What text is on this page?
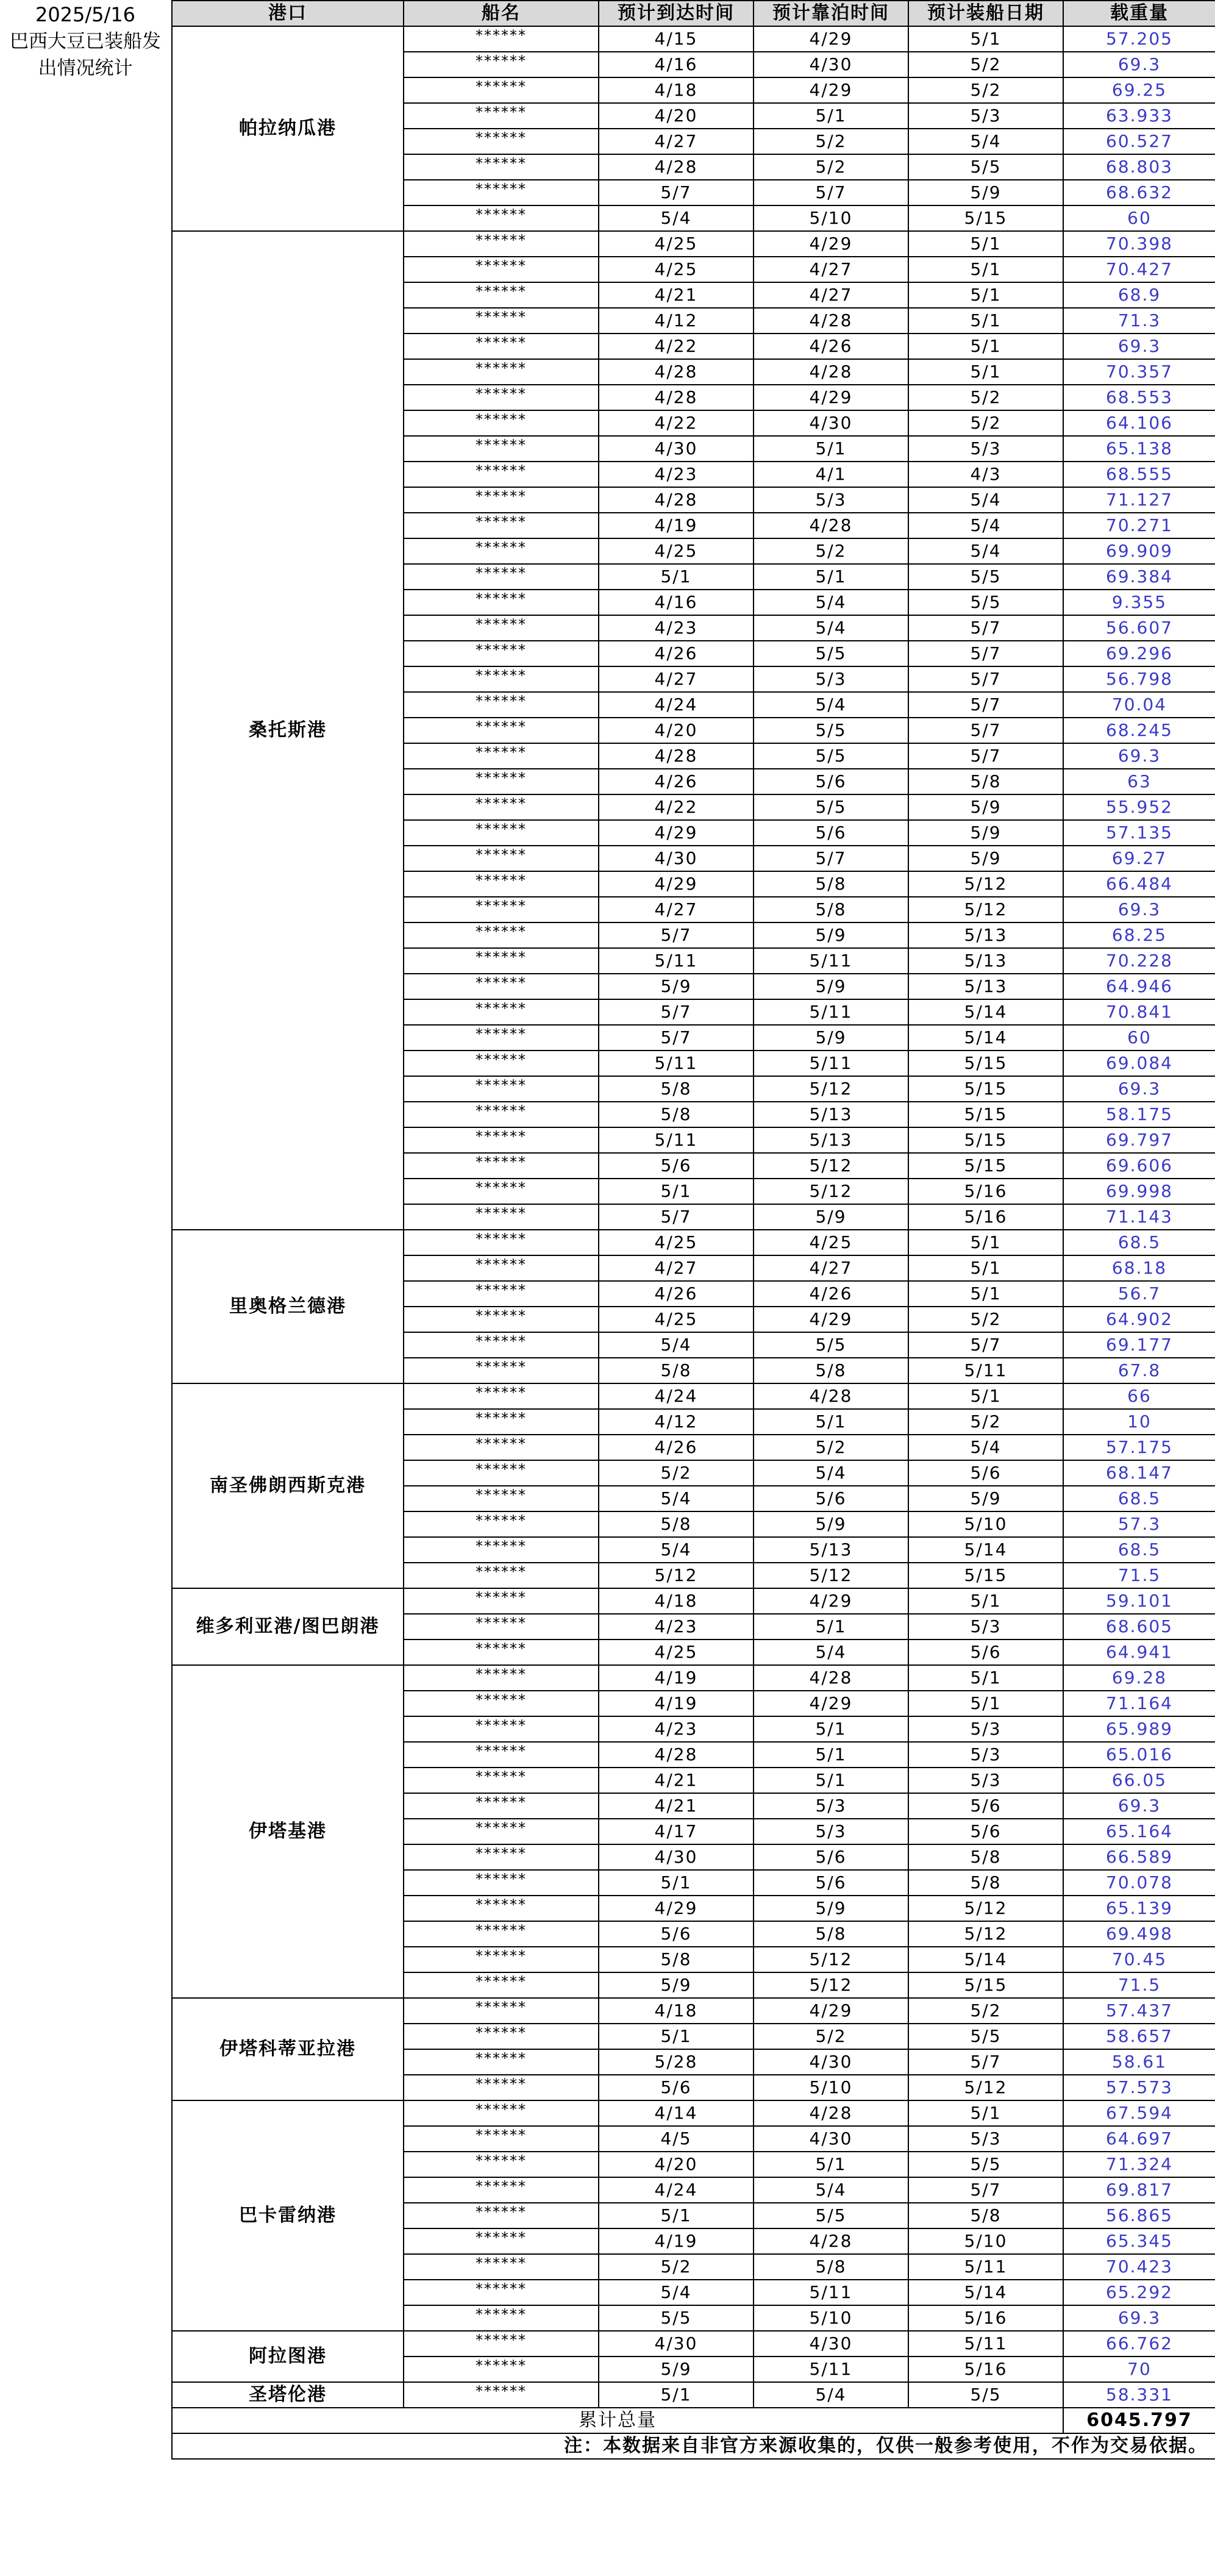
2025/5/16
巴西大豆已装船发
出情况统计
港口	船名	预计到达时间	预计靠泊时间	预计装船日期	载重量
帕拉纳瓜港	******	4/15	4/29	5/1	57.205
	******	4/16	4/30	5/2	69.3
	******	4/18	4/29	5/2	69.25
	******	4/20	5/1	5/3	63.933
	******	4/27	5/2	5/4	60.527
	******	4/28	5/2	5/5	68.803
	******	5/7	5/7	5/9	68.632
	******	5/4	5/10	5/15	60
桑托斯港	******	4/25	4/29	5/1	70.398
	******	4/25	4/27	5/1	70.427
	******	4/21	4/27	5/1	68.9
	******	4/12	4/28	5/1	71.3
	******	4/22	4/26	5/1	69.3
	******	4/28	4/28	5/1	70.357
	******	4/28	4/29	5/2	68.553
	******	4/22	4/30	5/2	64.106
	******	4/30	5/1	5/3	65.138
	******	4/23	4/1	4/3	68.555
	******	4/28	5/3	5/4	71.127
	******	4/19	4/28	5/4	70.271
	******	4/25	5/2	5/4	69.909
	******	5/1	5/1	5/5	69.384
	******	4/16	5/4	5/5	9.355
	******	4/23	5/4	5/7	56.607
	******	4/26	5/5	5/7	69.296
	******	4/27	5/3	5/7	56.798
	******	4/24	5/4	5/7	70.04
	******	4/20	5/5	5/7	68.245
	******	4/28	5/5	5/7	69.3
	******	4/26	5/6	5/8	63
	******	4/22	5/5	5/9	55.952
	******	4/29	5/6	5/9	57.135
	******	4/30	5/7	5/9	69.27
	******	4/29	5/8	5/12	66.484
	******	4/27	5/8	5/12	69.3
	******	5/7	5/9	5/13	68.25
	******	5/11	5/11	5/13	70.228
	******	5/9	5/9	5/13	64.946
	******	5/7	5/11	5/14	70.841
	******	5/7	5/9	5/14	60
	******	5/11	5/11	5/15	69.084
	******	5/8	5/12	5/15	69.3
	******	5/8	5/13	5/15	58.175
	******	5/11	5/13	5/15	69.797
	******	5/6	5/12	5/15	69.606
	******	5/1	5/12	5/16	69.998
	******	5/7	5/9	5/16	71.143
里奥格兰德港	******	4/25	4/25	5/1	68.5
	******	4/27	4/27	5/1	68.18
	******	4/26	4/26	5/1	56.7
	******	4/25	4/29	5/2	64.902
	******	5/4	5/5	5/7	69.177
	******	5/8	5/8	5/11	67.8
南圣佛朗西斯克港	******	4/24	4/28	5/1	66
	******	4/12	5/1	5/2	10
	******	4/26	5/2	5/4	57.175
	******	5/2	5/4	5/6	68.147
	******	5/4	5/6	5/9	68.5
	******	5/8	5/9	5/10	57.3
	******	5/4	5/13	5/14	68.5
	******	5/12	5/12	5/15	71.5
维多利亚港/图巴朗港	******	4/18	4/29	5/1	59.101
	******	4/23	5/1	5/3	68.605
	******	4/25	5/4	5/6	64.941
伊塔基港	******	4/19	4/28	5/1	69.28
	******	4/19	4/29	5/1	71.164
	******	4/23	5/1	5/3	65.989
	******	4/28	5/1	5/3	65.016
	******	4/21	5/1	5/3	66.05
	******	4/21	5/3	5/6	69.3
	******	4/17	5/3	5/6	65.164
	******	4/30	5/6	5/8	66.589
	******	5/1	5/6	5/8	70.078
	******	4/29	5/9	5/12	65.139
	******	5/6	5/8	5/12	69.498
	******	5/8	5/12	5/14	70.45
	******	5/9	5/12	5/15	71.5
伊塔科蒂亚拉港	******	4/18	4/29	5/2	57.437
	******	5/1	5/2	5/5	58.657
	******	5/28	4/30	5/7	58.61
	******	5/6	5/10	5/12	57.573
巴卡雷纳港	******	4/14	4/28	5/1	67.594
	******	4/5	4/30	5/3	64.697
	******	4/20	5/1	5/5	71.324
	******	4/24	5/4	5/7	69.817
	******	5/1	5/5	5/8	56.865
	******	4/19	4/28	5/10	65.345
	******	5/2	5/8	5/11	70.423
	******	5/4	5/11	5/14	65.292
	******	5/5	5/10	5/16	69.3
阿拉图港	******	4/30	4/30	5/11	66.762
	******	5/9	5/11	5/16	70
圣塔伦港	******	5/1	5/4	5/5	58.331
累计总量					6045.797
注：本数据来自非官方来源收集的，仅供一般参考使用，不作为交易依据。					
